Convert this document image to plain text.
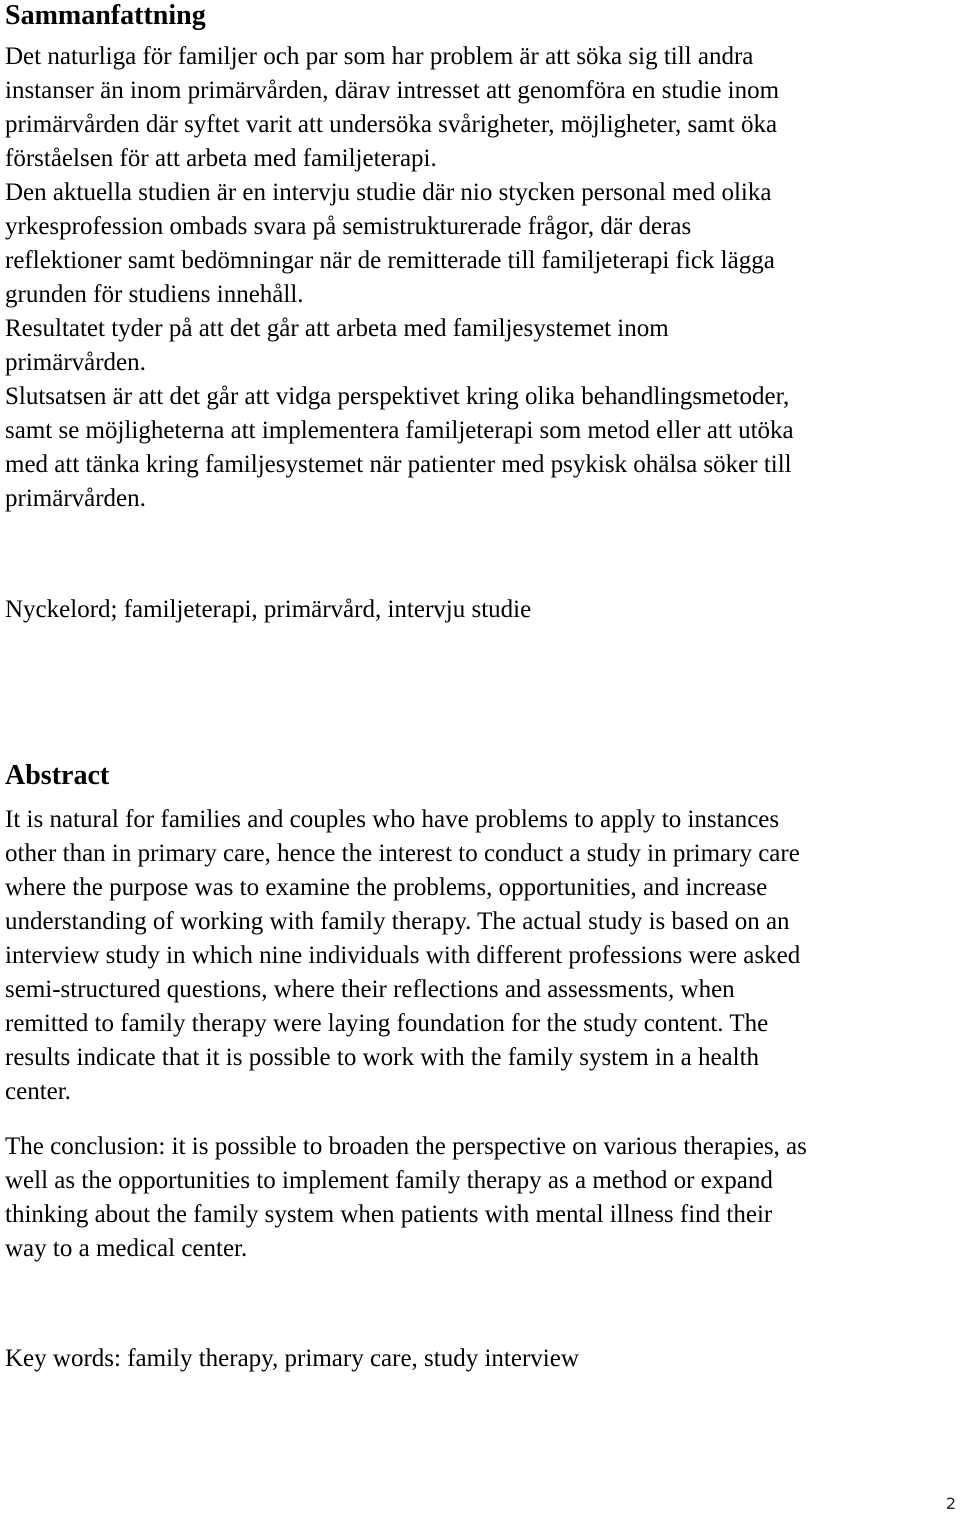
Sammanfattning
Det naturliga för familjer och par som har problem är att söka sig till andra
instanser än inom primärvården, därav intresset att genomföra en studie inom
primärvården där syftet varit att undersöka svårigheter, möjligheter, samt öka
förståelsen för att arbeta med familjeterapi.
Den aktuella studien är en intervju studie där nio stycken personal med olika
yrkesprofession ombads svara på semistrukturerade frågor, där deras
reflektioner samt bedömningar när de remitterade till familjeterapi fick lägga
grunden för studiens innehåll.
Resultatet tyder på att det går att arbeta med familjesystemet inom
primärvården.
Slutsatsen är att det går att vidga perspektivet kring olika behandlingsmetoder,
samt se möjligheterna att implementera familjeterapi som metod eller att utöka
med att tänka kring familjesystemet när patienter med psykisk ohälsa söker till
primärvården.
Nyckelord; familjeterapi, primärvård, intervju studie
Abstract
It is natural for families and couples who have problems to apply to instances
other than in primary care, hence the interest to conduct a study in primary care
where the purpose was to examine the problems, opportunities, and increase
understanding of working with family therapy. The actual study is based on an
interview study in which nine individuals with different professions were asked
semi-structured questions, where their reflections and assessments, when
remitted to family therapy were laying foundation for the study content. The
results indicate that it is possible to work with the family system in a health
center.
The conclusion: it is possible to broaden the perspective on various therapies, as
well as the opportunities to implement family therapy as a method or expand
thinking about the family system when patients with mental illness find their
way to a medical center.
Key words: family therapy, primary care, study interview
2
